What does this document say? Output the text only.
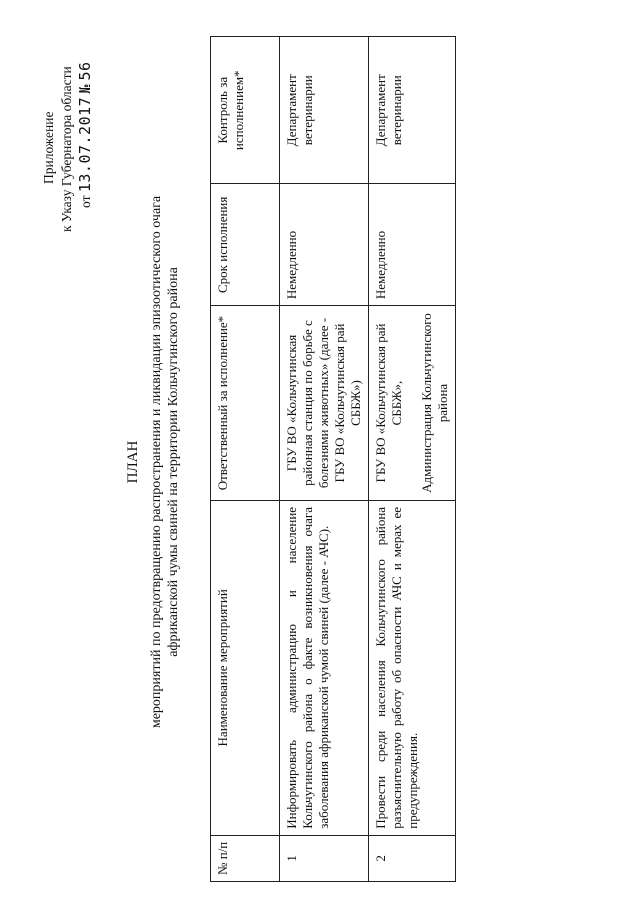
Приложение к Указу Губернатора области от 13.07.2017 № 56
ПЛАН мероприятий по предотвращению распространения и ликвидации эпизоотического очага африканской чумы свиней на территории Кольчугинского района
№ п/п	Наименование мероприятий	Ответственный за исполнение*	Срок исполнения	Контроль за исполнением*
1	Информировать администрацию и население Кольчугинского района о факте возникновения очага заболевания африканской чумой свиней (далее - АЧС).	ГБУ ВО «Кольчугинская районная станция по борьбе с болезнями животных» (далее - ГБУ ВО «Кольчугинская рай СББЖ»)	Немедленно	Департамент ветеринарии
2	Провести среди населения Кольчугинского района разъяснительную работу об опасности АЧС и мерах ее предупреждения.	ГБУ ВО «Кольчугинская рай СББЖ», Администрация Кольчугинского района	Немедленно	Департамент ветеринарии
